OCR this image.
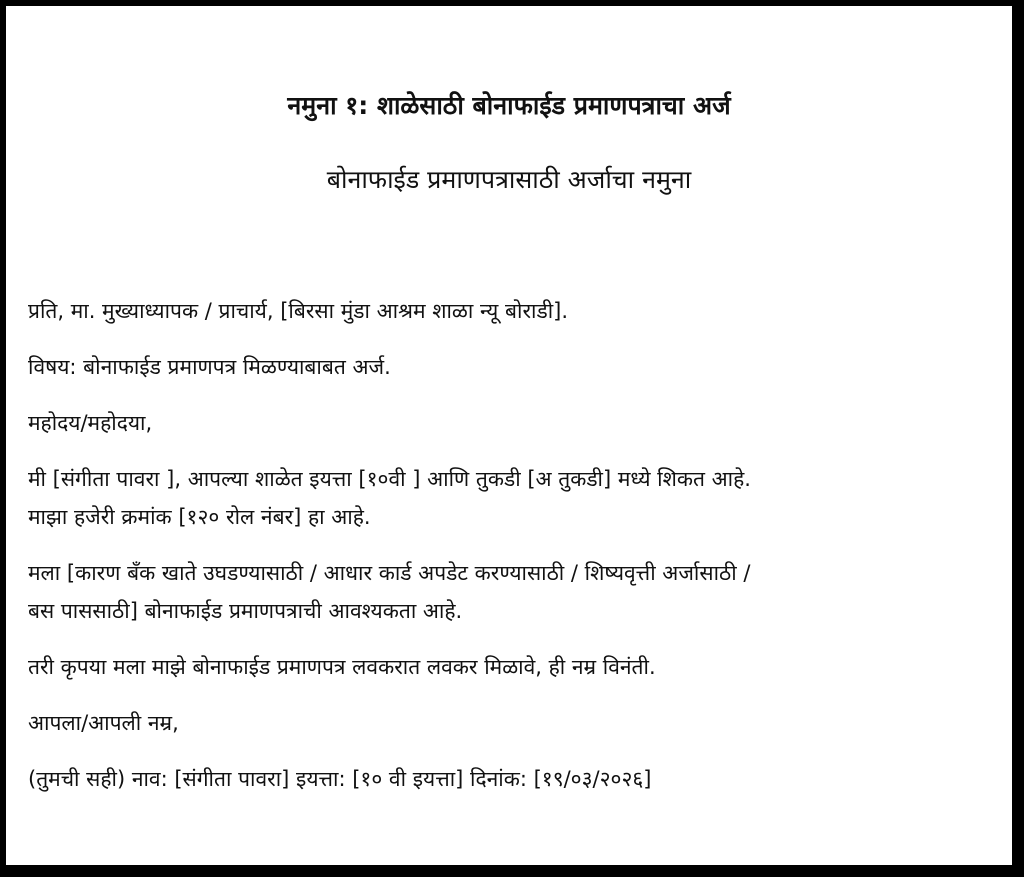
नमुना १: शाळेसाठी बोनाफाईड प्रमाणपत्राचा अर्ज
बोनाफाईड प्रमाणपत्रासाठी अर्जाचा नमुना

प्रति, मा. मुख्याध्यापक / प्राचार्य, [बिरसा मुंडा आश्रम शाळा न्यू बोराडी].

विषय: बोनाफाईड प्रमाणपत्र मिळण्याबाबत अर्ज.

महोदय/महोदया,

मी [संगीता पावरा ], आपल्या शाळेत इयत्ता [१०वी ] आणि तुकडी [अ तुकडी] मध्ये शिकत आहे.
माझा हजेरी क्रमांक [१२० रोल नंबर] हा आहे.

मला [कारण बँक खाते उघडण्यासाठी / आधार कार्ड अपडेट करण्यासाठी / शिष्यवृत्ती अर्जासाठी /
बस पाससाठी] बोनाफाईड प्रमाणपत्राची आवश्यकता आहे.

तरी कृपया मला माझे बोनाफाईड प्रमाणपत्र लवकरात लवकर मिळावे, ही नम्र विनंती.

आपला/आपली नम्र,

(तुमची सही) नाव: [संगीता पावरा] इयत्ता: [१० वी इयत्ता] दिनांक: [१९/०३/२०२६]
